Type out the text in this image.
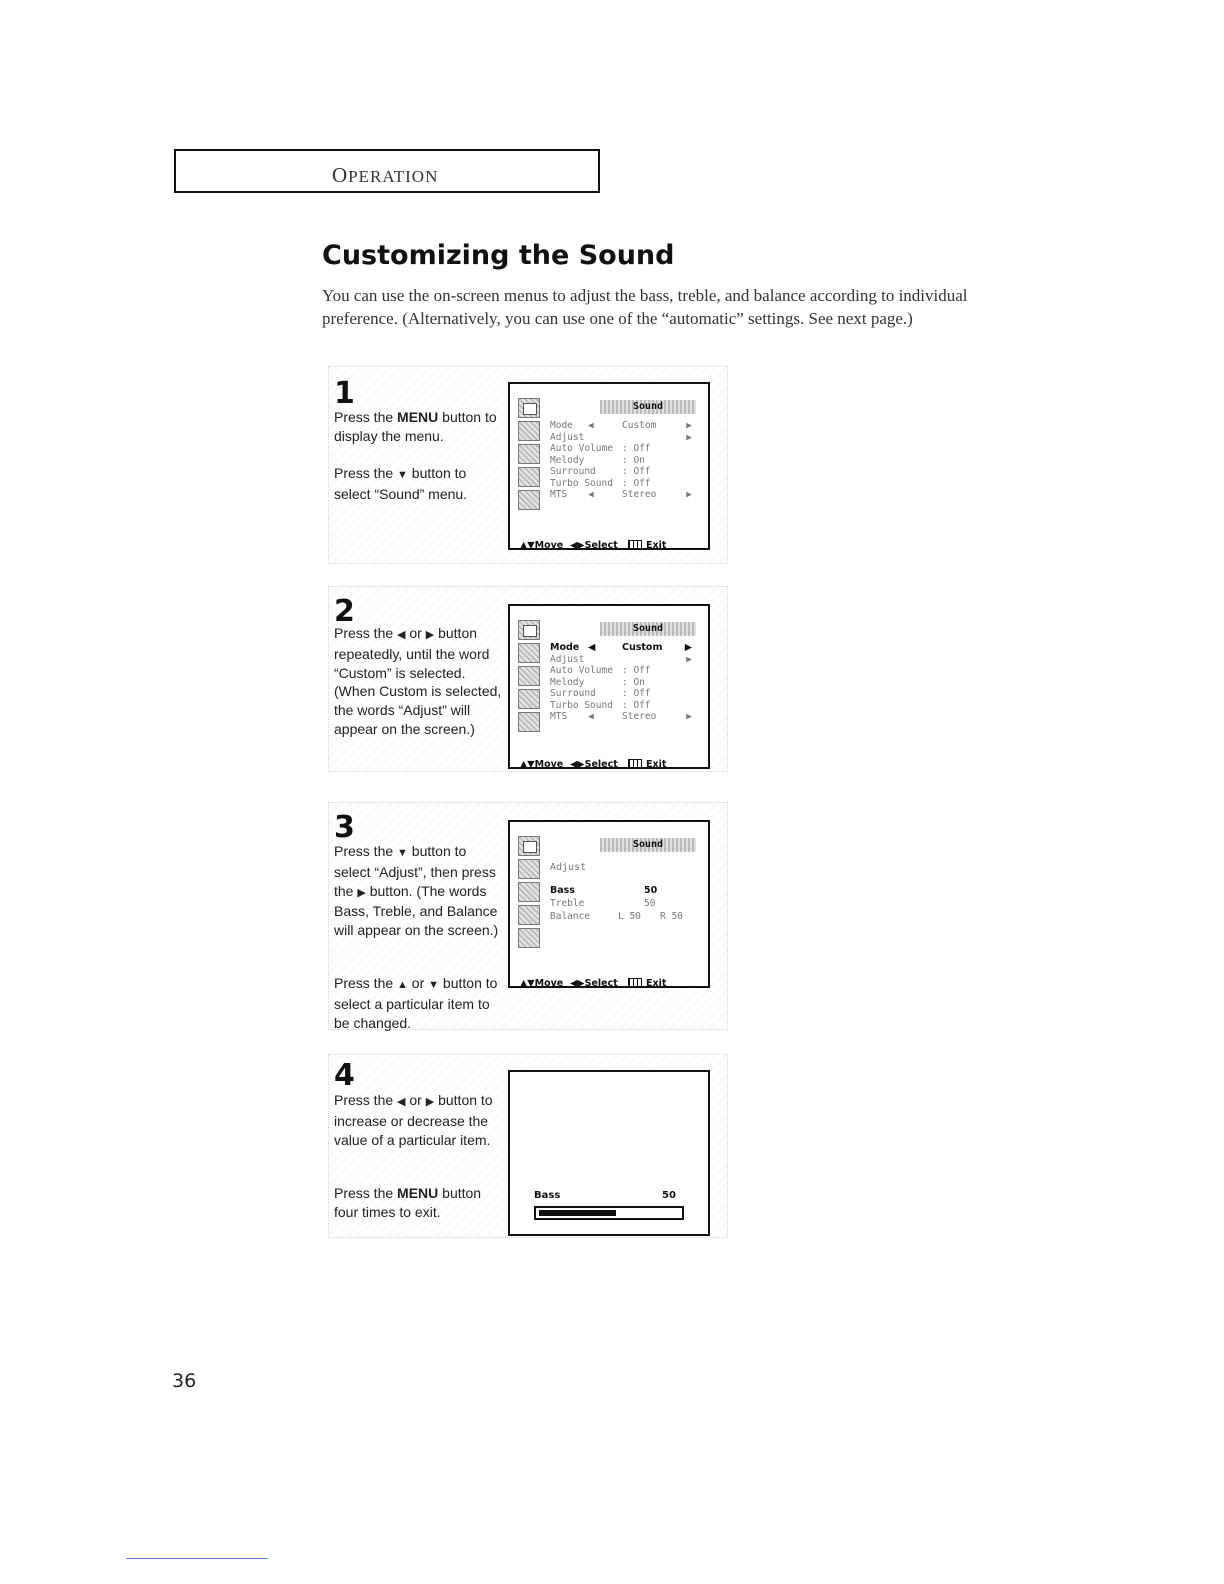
OPERATION
Customizing the Sound

You can use the on-screen menus to adjust the bass, treble, and balance according to individual preference. (Alternatively, you can use one of the “automatic” settings. See next page.)

1

Press the MENU button to display the menu.

Press the ▼ button to select “Sound” menu.

Sound
Mode ◀	Custom	▶
Adjust	▶
Auto Volume : Off
Melody	: On
Surround	: Off
Turbo Sound : Off
MTS ◀	Stereo	▶
▲▼Move ◀▶Select	Exit
2

Press the ◀ or ▶ button repeatedly, until the word “Custom” is selected. (When Custom is selected, the words “Adjust” will appear on the screen.)

Sound
Mode ◀	Custom ▶
Adjust	▶
Auto Volume : Off
Melody	: On
Surround	: Off
Turbo Sound : Off
MTS ◀	Stereo	▶
▲▼Move ◀▶Select	Exit
3

Press the ▼ button to select “Adjust”, then press the ▶ button. (The words Bass, Treble, and Balance will appear on the screen.)

Press the ▲ or ▼ button to select a particular item to be changed.

Sound
Adjust
Bass	50
Treble	50
Balance	L 50 R 50
▲▼Move ◀▶Select	Exit
4

Press the ◀ or ▶ button to increase or decrease the value of a particular item.

Press the MENU button four times to exit.

Bass	50
36
